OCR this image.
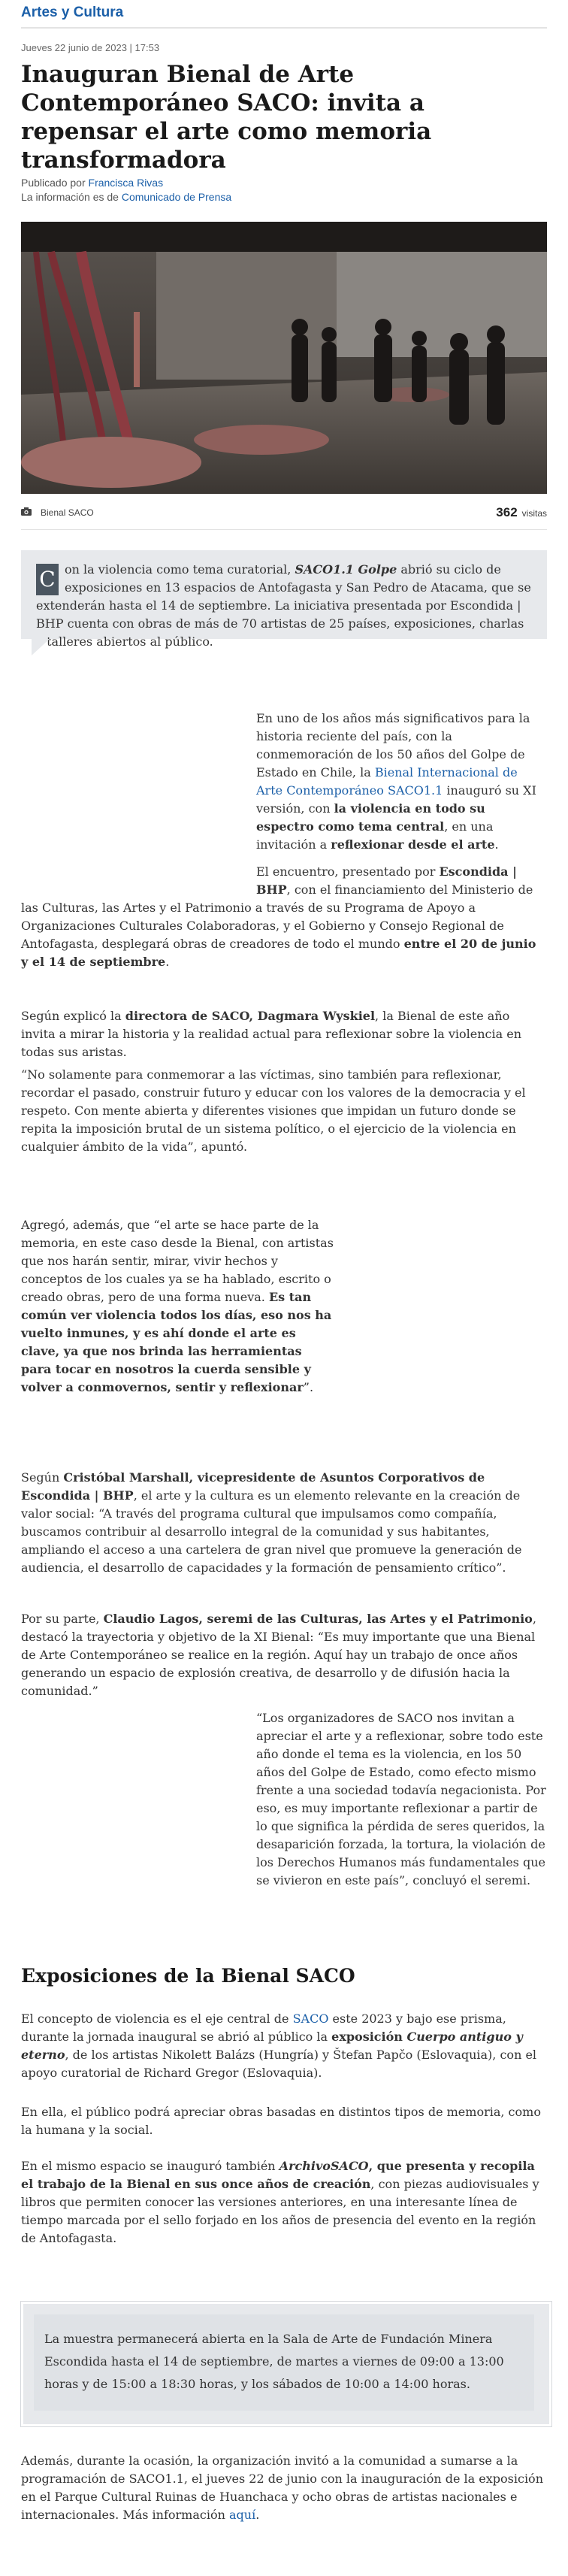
Artes y Cultura
Jueves 22 junio de 2023 | 17:53
Inauguran Bienal de Arte Contemporáneo SACO: invita a repensar el arte como memoria transformadora
Publicado por Francisca Rivas
La información es de Comunicado de Prensa
Bienal SACO	362 visitas

C on la violencia como tema curatorial, SACO1.1 Golpe abrió su ciclo de exposiciones en 13 espacios de Antofagasta y San Pedro de Atacama, que se extenderán hasta el 14 de septiembre. La iniciativa presentada por Escondida | BHP cuenta con obras de más de 70 artistas de 25 países, exposiciones, charlas y talleres abiertos al público.

En uno de los años más significativos para la historia reciente del país, con la conmemoración de los 50 años del Golpe de Estado en Chile, la Bienal Internacional de Arte Contemporáneo SACO1.1 inauguró su XI versión, con la violencia en todo su espectro como tema central, en una invitación a reflexionar desde el arte.

El encuentro, presentado por Escondida | BHP, con el financiamiento del Ministerio de las Culturas, las Artes y el Patrimonio a través de su Programa de Apoyo a Organizaciones Culturales Colaboradoras, y el Gobierno y Consejo Regional de Antofagasta, desplegará obras de creadores de todo el mundo entre el 20 de junio y el 14 de septiembre.

Según explicó la directora de SACO, Dagmara Wyskiel, la Bienal de este año invita a mirar la historia y la realidad actual para reflexionar sobre la violencia en todas sus aristas.

“No solamente para conmemorar a las víctimas, sino también para reflexionar, recordar el pasado, construir futuro y educar con los valores de la democracia y el respeto. Con mente abierta y diferentes visiones que impidan un futuro donde se repita la imposición brutal de un sistema político, o el ejercicio de la violencia en cualquier ámbito de la vida”, apuntó.

Agregó, además, que “el arte se hace parte de la memoria, en este caso desde la Bienal, con artistas que nos harán sentir, mirar, vivir hechos y conceptos de los cuales ya se ha hablado, escrito o creado obras, pero de una forma nueva. Es tan común ver violencia todos los días, eso nos ha vuelto inmunes, y es ahí donde el arte es clave, ya que nos brinda las herramientas para tocar en nosotros la cuerda sensible y volver a conmovernos, sentir y reflexionar”.

Según Cristóbal Marshall, vicepresidente de Asuntos Corporativos de Escondida | BHP, el arte y la cultura es un elemento relevante en la creación de valor social: “A través del programa cultural que impulsamos como compañía, buscamos contribuir al desarrollo integral de la comunidad y sus habitantes, ampliando el acceso a una cartelera de gran nivel que promueve la generación de audiencia, el desarrollo de capacidades y la formación de pensamiento crítico”.

Por su parte, Claudio Lagos, seremi de las Culturas, las Artes y el Patrimonio, destacó la trayectoria y objetivo de la XI Bienal: “Es muy importante que una Bienal de Arte Contemporáneo se realice en la región. Aquí hay un trabajo de once años generando un espacio de explosión creativa, de desarrollo y de difusión hacia la comunidad.”

“Los organizadores de SACO nos invitan a apreciar el arte y a reflexionar, sobre todo este año donde el tema es la violencia, en los 50 años del Golpe de Estado, como efecto mismo frente a una sociedad todavía negacionista. Por eso, es muy importante reflexionar a partir de lo que significa la pérdida de seres queridos, la desaparición forzada, la tortura, la violación de los Derechos Humanos más fundamentales que se vivieron en este país”, concluyó el seremi.

Exposiciones de la Bienal SACO

El concepto de violencia es el eje central de SACO este 2023 y bajo ese prisma, durante la jornada inaugural se abrió al público la exposición Cuerpo antiguo y eterno, de los artistas Nikolett Balázs (Hungría) y Štefan Papčo (Eslovaquia), con el apoyo curatorial de Richard Gregor (Eslovaquia).

En ella, el público podrá apreciar obras basadas en distintos tipos de memoria, como la humana y la social.

En el mismo espacio se inauguró también ArchivoSACO, que presenta y recopila el trabajo de la Bienal en sus once años de creación, con piezas audiovisuales y libros que permiten conocer las versiones anteriores, en una interesante línea de tiempo marcada por el sello forjado en los años de presencia del evento en la región de Antofagasta.

La muestra permanecerá abierta en la Sala de Arte de Fundación Minera Escondida hasta el 14 de septiembre, de martes a viernes de 09:00 a 13:00 horas y de 15:00 a 18:30 horas, y los sábados de 10:00 a 14:00 horas.

Además, durante la ocasión, la organización invitó a la comunidad a sumarse a la programación de SACO1.1, el jueves 22 de junio con la inauguración de la exposición en el Parque Cultural Ruinas de Huanchaca y ocho obras de artistas nacionales e internacionales. Más información aquí.
